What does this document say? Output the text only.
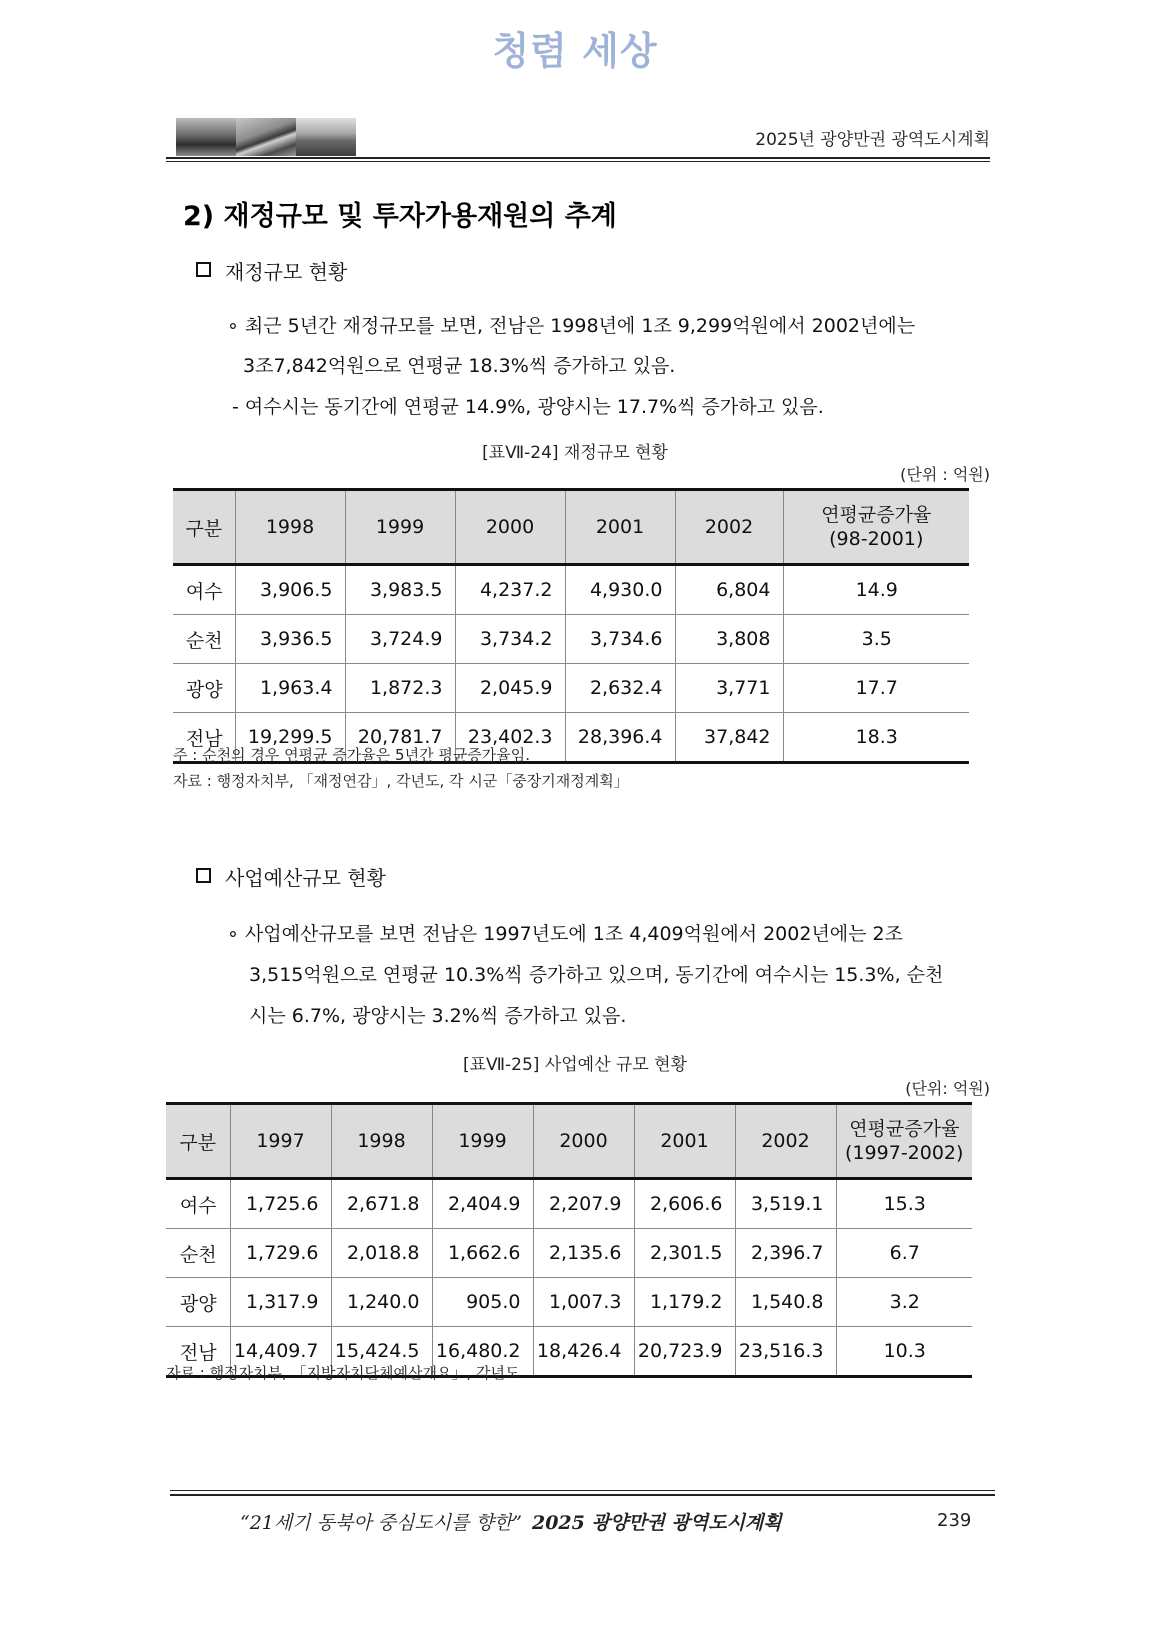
청렴 세상
2025년 광양만권 광역도시계획
2) 재정규모 및 투자가용재원의 추계
재정규모 현황
∘ 최근 5년간 재정규모를 보면, 전남은 1998년에 1조 9,299억원에서 2002년에는
3조7,842억원으로 연평균 18.3%씩 증가하고 있음.
- 여수시는 동기간에 연평균 14.9%, 광양시는 17.7%씩 증가하고 있음.
[표Ⅶ-24] 재정규모 현황
(단위 : 억원)
구분	1998	1999	2000	2001	2002	연평균증가율
(98-2001)

여수	3,906.5	3,983.5	4,237.2	4,930.0	6,804	14.9
순천	3,936.5	3,724.9	3,734.2	3,734.6	3,808	3.5
광양	1,963.4	1,872.3	2,045.9	2,632.4	3,771	17.7
전남	19,299.5	20,781.7	23,402.3	28,396.4	37,842	18.3
주 : 순천의 경우 연평균 증가율은 5년간 평균증가율임.
자료 : 행정자치부, 「재정연감」, 각년도, 각 시군「중장기재정계획」
사업예산규모 현황
∘ 사업예산규모를 보면 전남은 1997년도에 1조 4,409억원에서 2002년에는 2조
3,515억원으로 연평균 10.3%씩 증가하고 있으며, 동기간에 여수시는 15.3%, 순천
시는 6.7%, 광양시는 3.2%씩 증가하고 있음.
[표Ⅶ-25] 사업예산 규모 현황
(단위: 억원)
구분	1997	1998	1999	2000	2001	2002	연평균증가율
(1997-2002)

여수	1,725.6	2,671.8	2,404.9	2,207.9	2,606.6	3,519.1	15.3
순천	1,729.6	2,018.8	1,662.6	2,135.6	2,301.5	2,396.7	6.7
광양	1,317.9	1,240.0	905.0	1,007.3	1,179.2	1,540.8	3.2
전남	14,409.7	15,424.5	16,480.2	18,426.4	20,723.9	23,516.3	10.3
자료 : 행정자치부, 「지방자치단체예산개요」, 각년도
“21세기 동북아 중심도시를 향한” 2025 광양만권 광역도시계획	239
